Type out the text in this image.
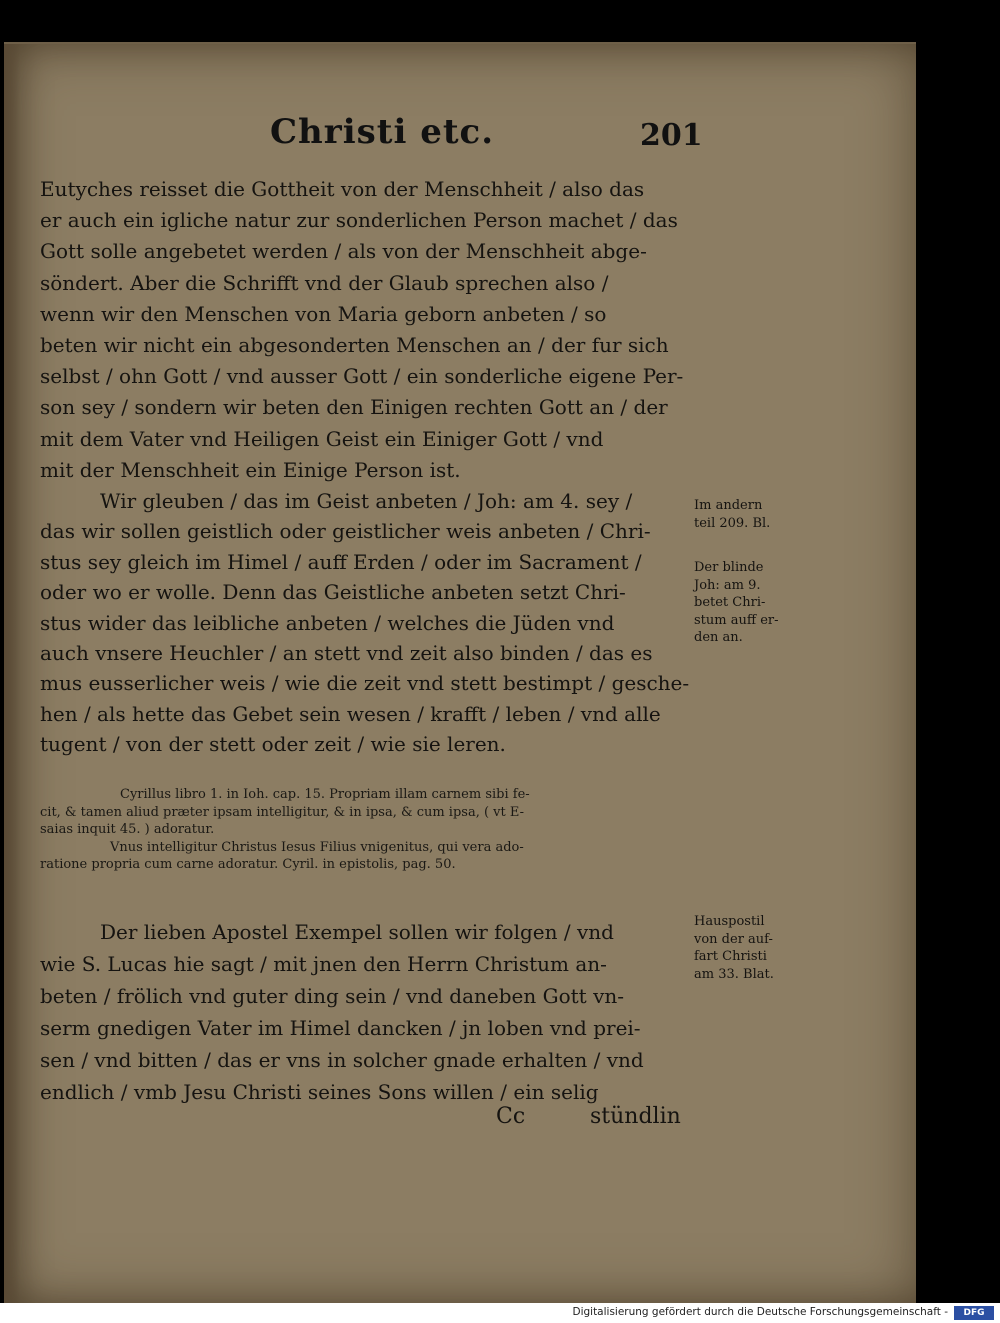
Christi etc.	201
Eutyches reisset die Gottheit von der Menschheit / also das
er auch ein igliche natur zur sonderlichen Person machet / das
Gott solle angebetet werden / als von der Menschheit abge-
söndert. Aber die Schrifft vnd der Glaub sprechen also /
wenn wir den Menschen von Maria geborn anbeten / so
beten wir nicht ein abgesonderten Menschen an / der fur sich
selbst / ohn Gott / vnd ausser Gott / ein sonderliche eigene Per-
son sey / sondern wir beten den Einigen rechten Gott an / der
mit dem Vater vnd Heiligen Geist ein Einiger Gott / vnd
mit der Menschheit ein Einige Person ist.
Wir gleuben / das im Geist anbeten / Joh: am 4. sey /
das wir sollen geistlich oder geistlicher weis anbeten / Chri-
stus sey gleich im Himel / auff Erden / oder im Sacrament /
oder wo er wolle. Denn das Geistliche anbeten setzt Chri-
stus wider das leibliche anbeten / welches die Jüden vnd
auch vnsere Heuchler / an stett vnd zeit also binden / das es
mus eusserlicher weis / wie die zeit vnd stett bestimpt / gesche-
hen / als hette das Gebet sein wesen / krafft / leben / vnd alle
tugent / von der stett oder zeit / wie sie leren.
Cyrillus libro 1. in Ioh. cap. 15. Propriam illam carnem sibi fe-
cit, & tamen aliud præter ipsam intelligitur, & in ipsa, & cum ipsa, ( vt E-
saias inquit 45. ) adoratur.
Vnus intelligitur Christus Iesus Filius vnigenitus, qui vera ado-
ratione propria cum carne adoratur. Cyril. in epistolis, pag. 50.
Der lieben Apostel Exempel sollen wir folgen / vnd
wie S. Lucas hie sagt / mit jnen den Herrn Christum an-
beten / frölich vnd guter ding sein / vnd daneben Gott vn-
serm gnedigen Vater im Himel dancken / jn loben vnd prei-
sen / vnd bitten / das er vns in solcher gnade erhalten / vnd
endlich / vmb Jesu Christi seines Sons willen / ein selig
Cc	stündlin
Im andern
teil 209. Bl.
Der blinde
Joh: am 9.
betet Chri-
stum auff er-
den an.
Hauspostil
von der auf-
fart Christi
am 33. Blat.
Digitalisierung gefördert durch die Deutsche Forschungsgemeinschaft -	DFG
